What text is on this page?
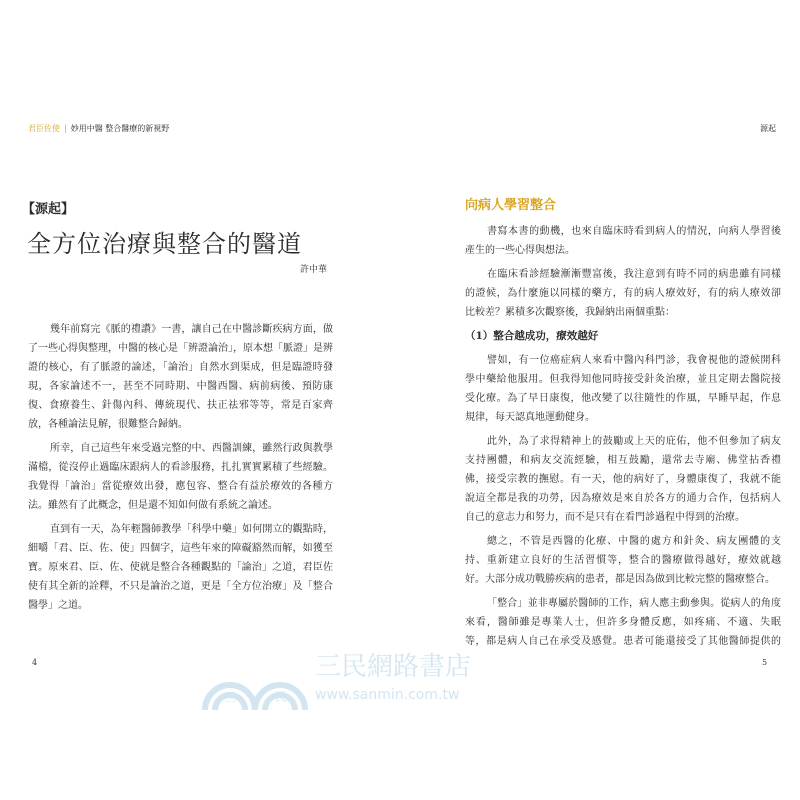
君臣佐使 | 妙用中醫 整合醫療的新視野
【源起】
全方位治療與整合的醫道
許中華
幾年前寫完《脈的禮讚》一書，讓自己在中醫診斷疾病方面，做
了一些心得與整理，中醫的核心是「辨證論治」，原本想「脈證」是辨
證的核心，有了脈證的論述，「論治」自然水到渠成，但是臨證時發
現，各家論述不一，甚至不同時期、中醫西醫、病前病後、預防康
復、食療養生、針傷內科、傳統現代、扶正祛邪等等，常是百家齊
放，各種論法見解，很難整合歸納。
所幸，自己這些年來受過完整的中、西醫訓練，雖然行政與教學
滿檔，從沒停止過臨床跟病人的看診服務，扎扎實實累積了些經驗。
我覺得「論治」當從療效出發，應包容、整合有益於療效的各種方
法。雖然有了此概念，但是還不知如何做有系統之論述。
直到有一天，為年輕醫師教學「科學中藥」如何開立的觀點時，
細嚼「君、臣、佐、使」四個字，這些年來的障礙豁然而解，如獲至
寶。原來君、臣、佐、使就是整合各種觀點的「論治」之道，君臣佐
使有其全新的詮釋，不只是論治之道，更是「全方位治療」及「整合
醫學」之道。
4
源起
向病人學習整合
書寫本書的動機，也來自臨床時看到病人的情況，向病人學習後
產生的一些心得與想法。
在臨床看診經驗漸漸豐富後，我注意到有時不同的病患雖有同樣
的證候，為什麼施以同樣的藥方，有的病人療效好，有的病人療效卻
比較差？累積多次觀察後，我歸納出兩個重點：
（1）整合越成功，療效越好
譬如，有一位癌症病人來看中醫內科門診，我會視他的證候開科
學中藥給他服用。但我得知他同時接受針灸治療，並且定期去醫院接
受化療。為了早日康復，他改變了以往隨性的作風，早睡早起，作息
規律，每天認真地運動健身。
此外，為了求得精神上的鼓勵或上天的庇佑，他不但參加了病友
支持團體，和病友交流經驗，相互鼓勵，還常去寺廟、佛堂拈香禮
佛，接受宗教的撫慰。有一天，他的病好了，身體康復了，我就不能
說這全都是我的功勞，因為療效是來自於各方的通力合作，包括病人
自己的意志力和努力，而不是只有在看門診過程中得到的治療。
總之，不管是西醫的化療、中醫的處方和針灸、病友團體的支
持、重新建立良好的生活習慣等，整合的醫療做得越好，療效就越
好。大部分成功戰勝疾病的患者，都是因為做到比較完整的醫療整合。
「整合」並非專屬於醫師的工作，病人應主動參與。從病人的角度
來看，醫師雖是專業人士，但許多身體反應，如疼痛、不適、失眠
等，都是病人自己在承受及感覺。患者可能還接受了其他醫師提供的
5
三	民
三民網路書店
www.sanmin.com.tw
